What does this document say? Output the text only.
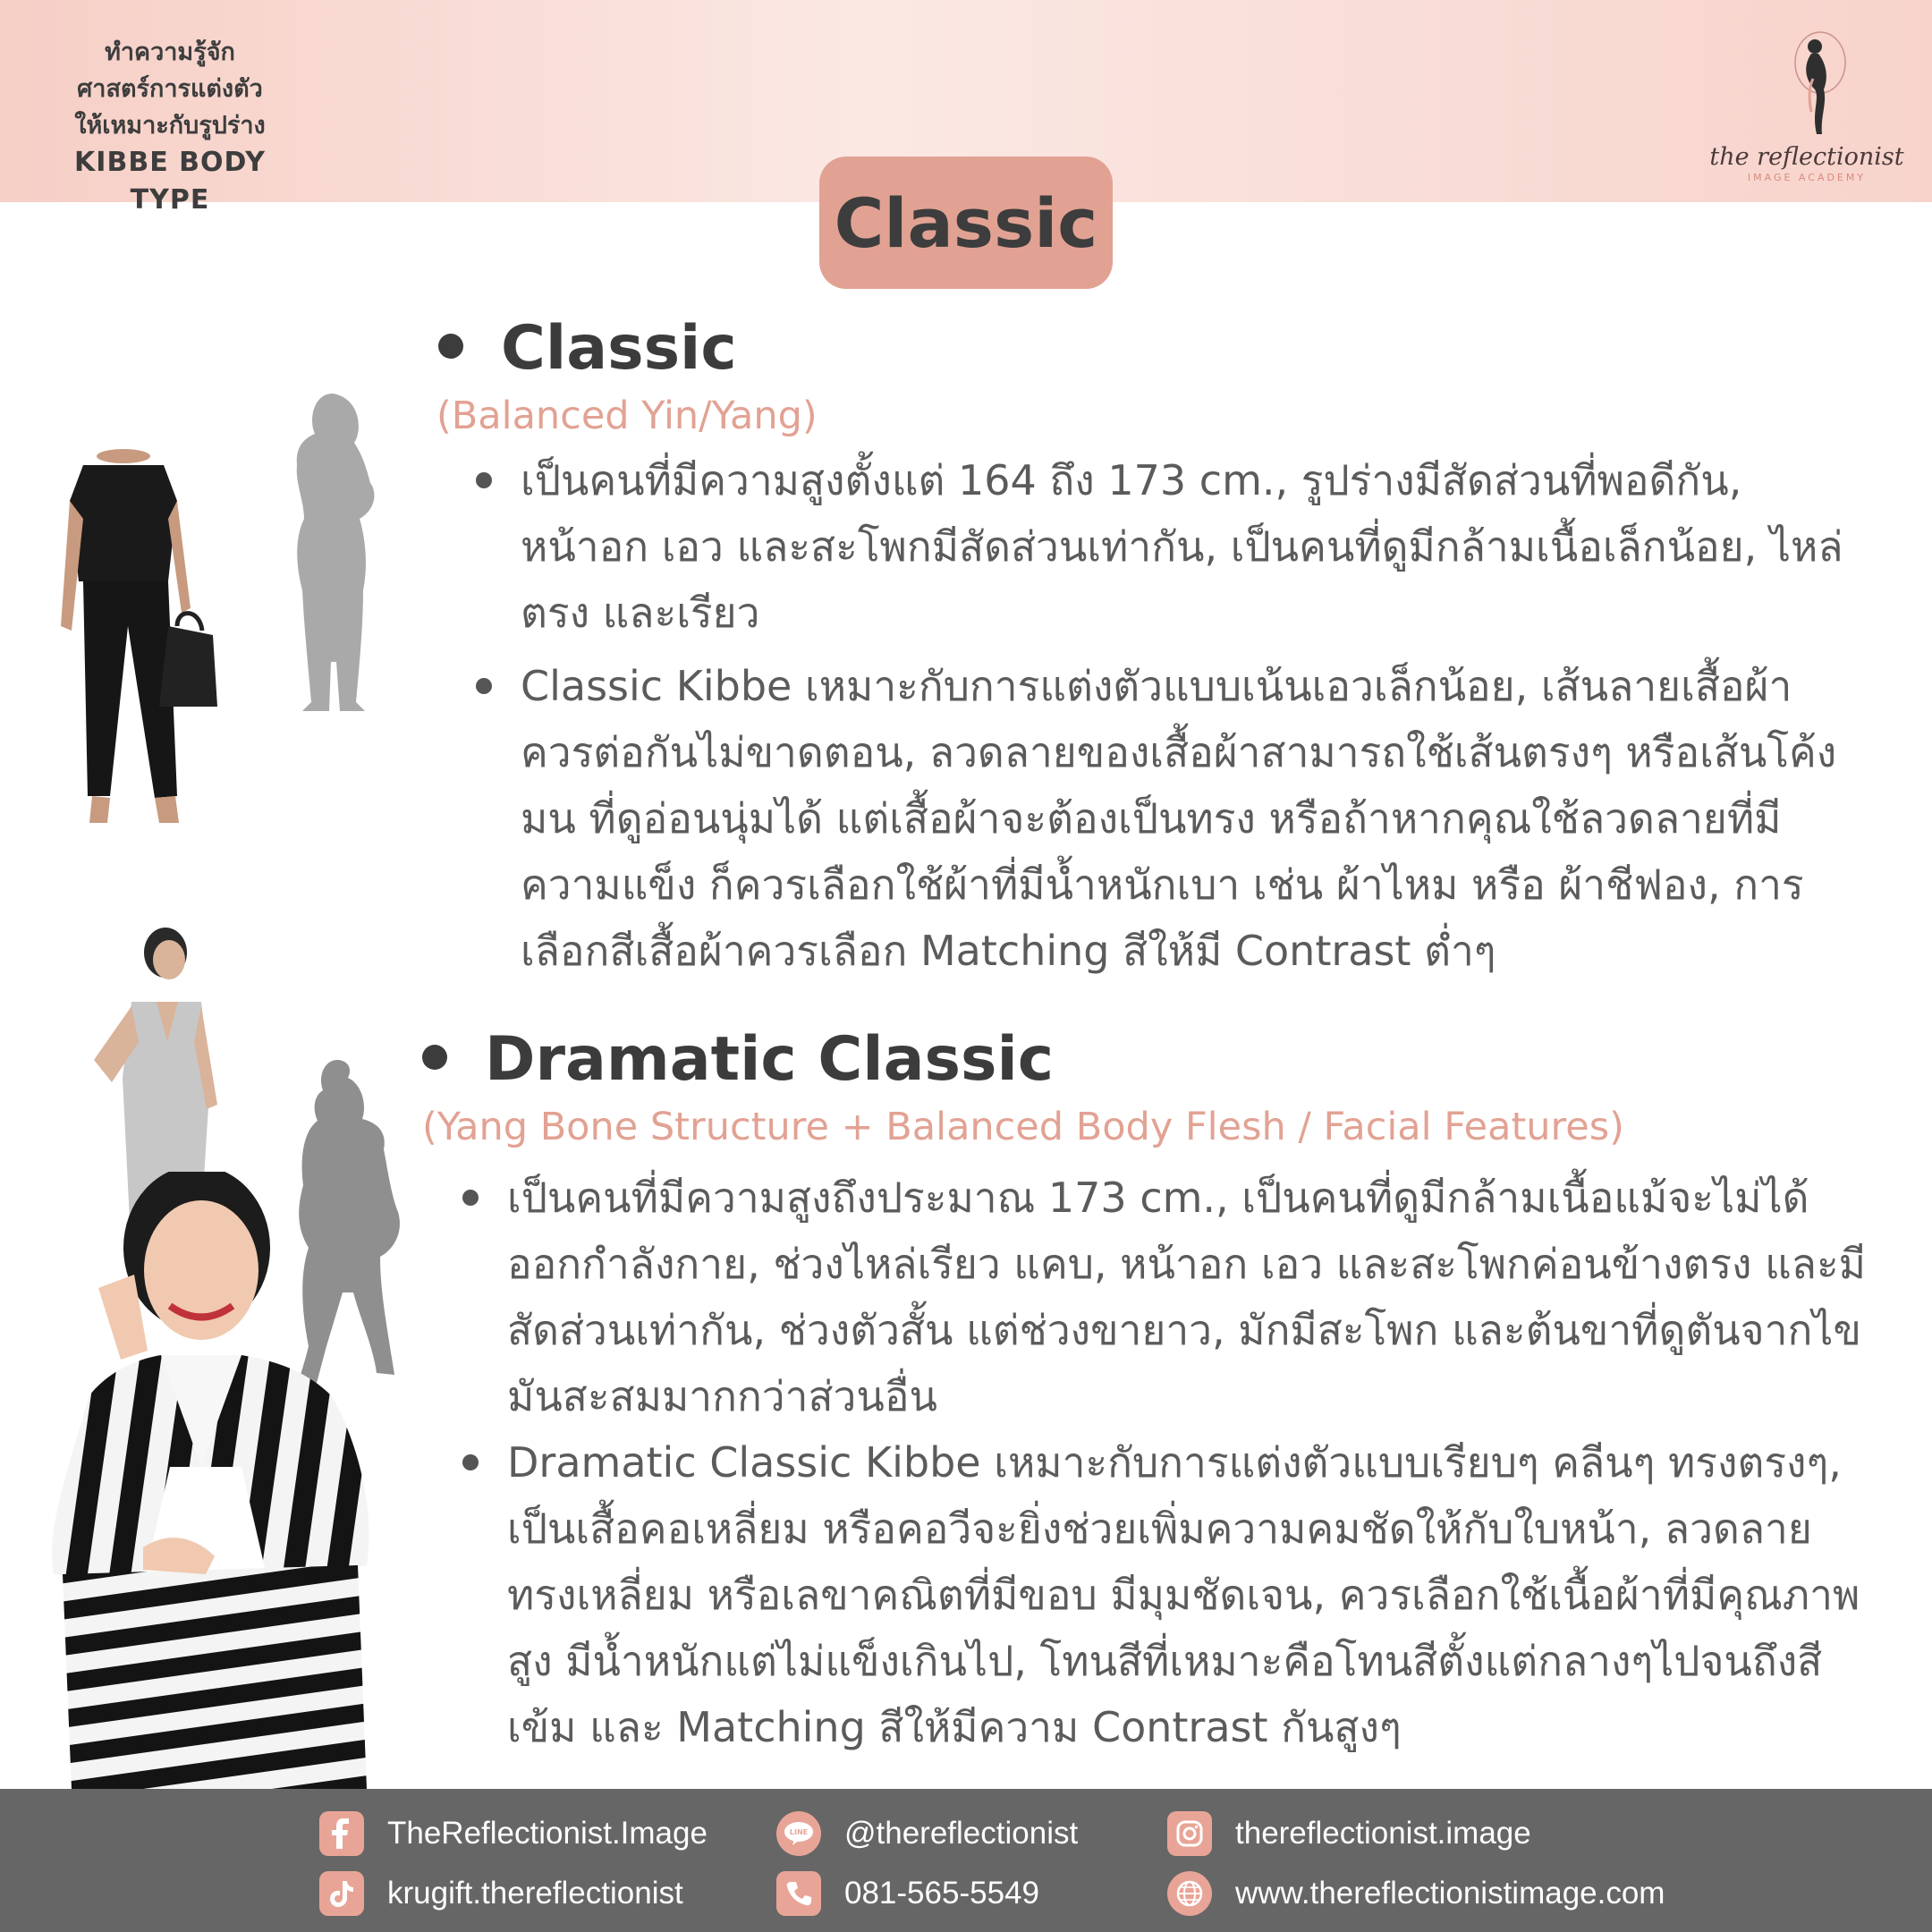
ทำความรู้จัก
ศาสตร์การแต่งตัว
ให้เหมาะกับรูปร่าง
KIBBE BODY TYPE
the reflectionist
IMAGE ACADEMY
Classic
Classic
(Balanced Yin/Yang)
เป็นคนที่มีความสูงตั้งแต่ 164 ถึง 173 cm., รูปร่างมีสัดส่วนที่พอดีกัน, หน้าอก เอว และสะโพกมีสัดส่วนเท่ากัน, เป็นคนที่ดูมีกล้ามเนื้อเล็กน้อย, ไหล่ตรง และเรียว
Classic Kibbe เหมาะกับการแต่งตัวแบบเน้นเอวเล็กน้อย, เส้นลายเสื้อผ้าควรต่อกันไม่ขาดตอน, ลวดลายของเสื้อผ้าสามารถใช้เส้นตรงๆ หรือเส้นโค้งมน ที่ดูอ่อนนุ่มได้ แต่เสื้อผ้าจะต้องเป็นทรง หรือถ้าหากคุณใช้ลวดลายที่มีความแข็ง ก็ควรเลือกใช้ผ้าที่มีน้ำหนักเบา เช่น ผ้าไหม หรือ ผ้าชีฟอง, การเลือกสีเสื้อผ้าควรเลือก Matching สีให้มี Contrast ต่ำๆ
Dramatic Classic
(Yang Bone Structure + Balanced Body Flesh / Facial Features)
เป็นคนที่มีความสูงถึงประมาณ 173 cm., เป็นคนที่ดูมีกล้ามเนื้อแม้จะไม่ได้ออกกำลังกาย, ช่วงไหล่เรียว แคบ, หน้าอก เอว และสะโพกค่อนข้างตรง และมีสัดส่วนเท่ากัน, ช่วงตัวสั้น แต่ช่วงขายาว, มักมีสะโพก และต้นขาที่ดูตันจากไขมันสะสมมากกว่าส่วนอื่น
Dramatic Classic Kibbe เหมาะกับการแต่งตัวแบบเรียบๆ คลีนๆ ทรงตรงๆ, เป็นเสื้อคอเหลี่ยม หรือคอวีจะยิ่งช่วยเพิ่มความคมชัดให้กับใบหน้า, ลวดลายทรงเหลี่ยม หรือเลขาคณิตที่มีขอบ มีมุมชัดเจน, ควรเลือกใช้เนื้อผ้าที่มีคุณภาพสูง มีน้ำหนักแต่ไม่แข็งเกินไป, โทนสีที่เหมาะคือโทนสีตั้งแต่กลางๆไปจนถึงสีเข้ม และ Matching สีให้มีความ Contrast กันสูงๆ
TheReflectionist.Image	LINE @thereflectionist	thereflectionist.image
krugift.thereflectionist	081-565-5549	www.thereflectionistimage.com
